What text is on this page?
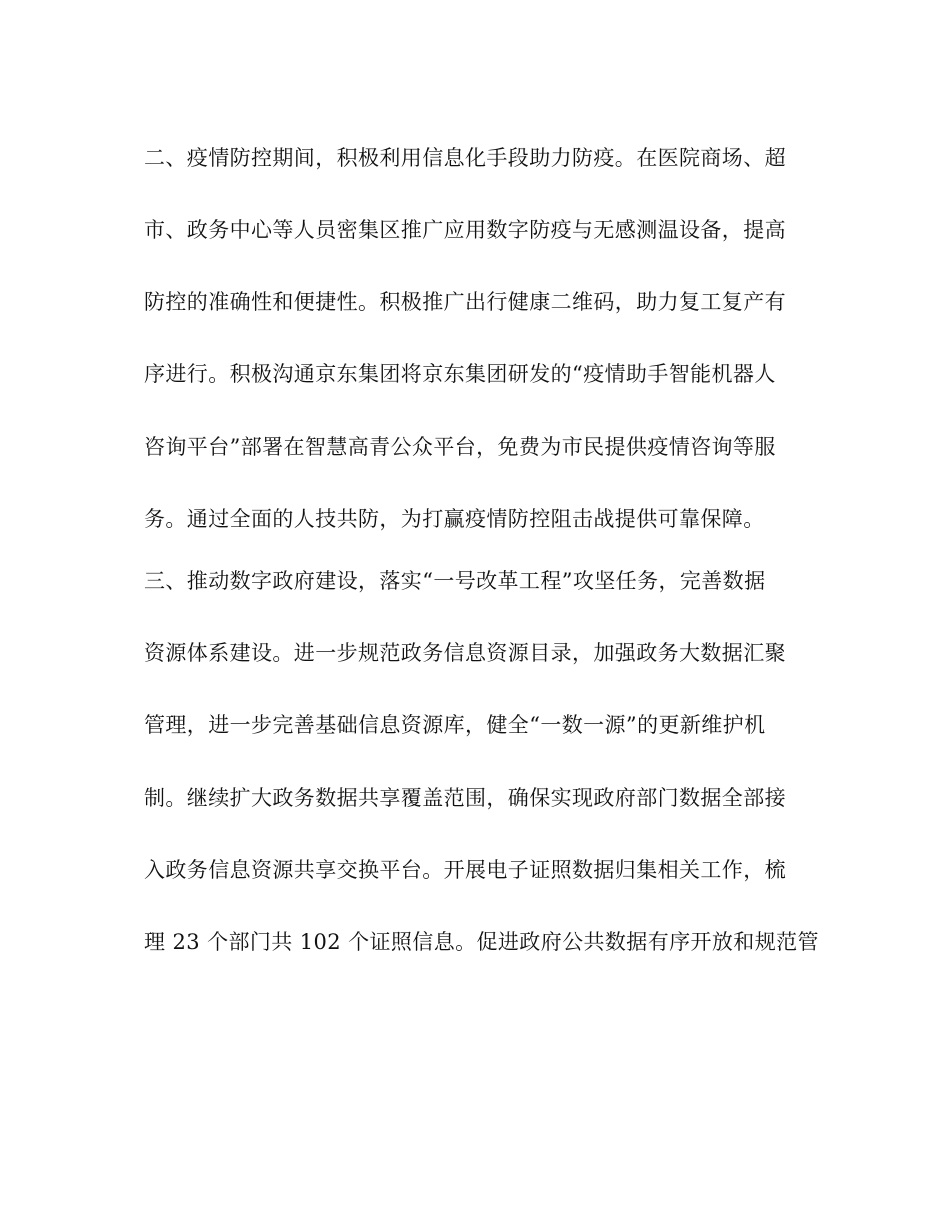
二、疫情防控期间，积极利用信息化手段助力防疫。在医院商场、超
市、政务中心等人员密集区推广应用数字防疫与无感测温设备，提高
防控的准确性和便捷性。积极推广出行健康二维码，助力复工复产有
序进行。积极沟通京东集团将京东集团研发的“疫情助手智能机器人
咨询平台”部署在智慧高青公众平台，免费为市民提供疫情咨询等服
务。通过全面的人技共防，为打赢疫情防控阻击战提供可靠保障。
三、推动数字政府建设，落实“一号改革工程”攻坚任务，完善数据
资源体系建设。进一步规范政务信息资源目录，加强政务大数据汇聚
管理，进一步完善基础信息资源库，健全“一数一源”的更新维护机
制。继续扩大政务数据共享覆盖范围，确保实现政府部门数据全部接
入政务信息资源共享交换平台。开展电子证照数据归集相关工作，梳
理 23 个部门共 102 个证照信息。促进政府公共数据有序开放和规范管
